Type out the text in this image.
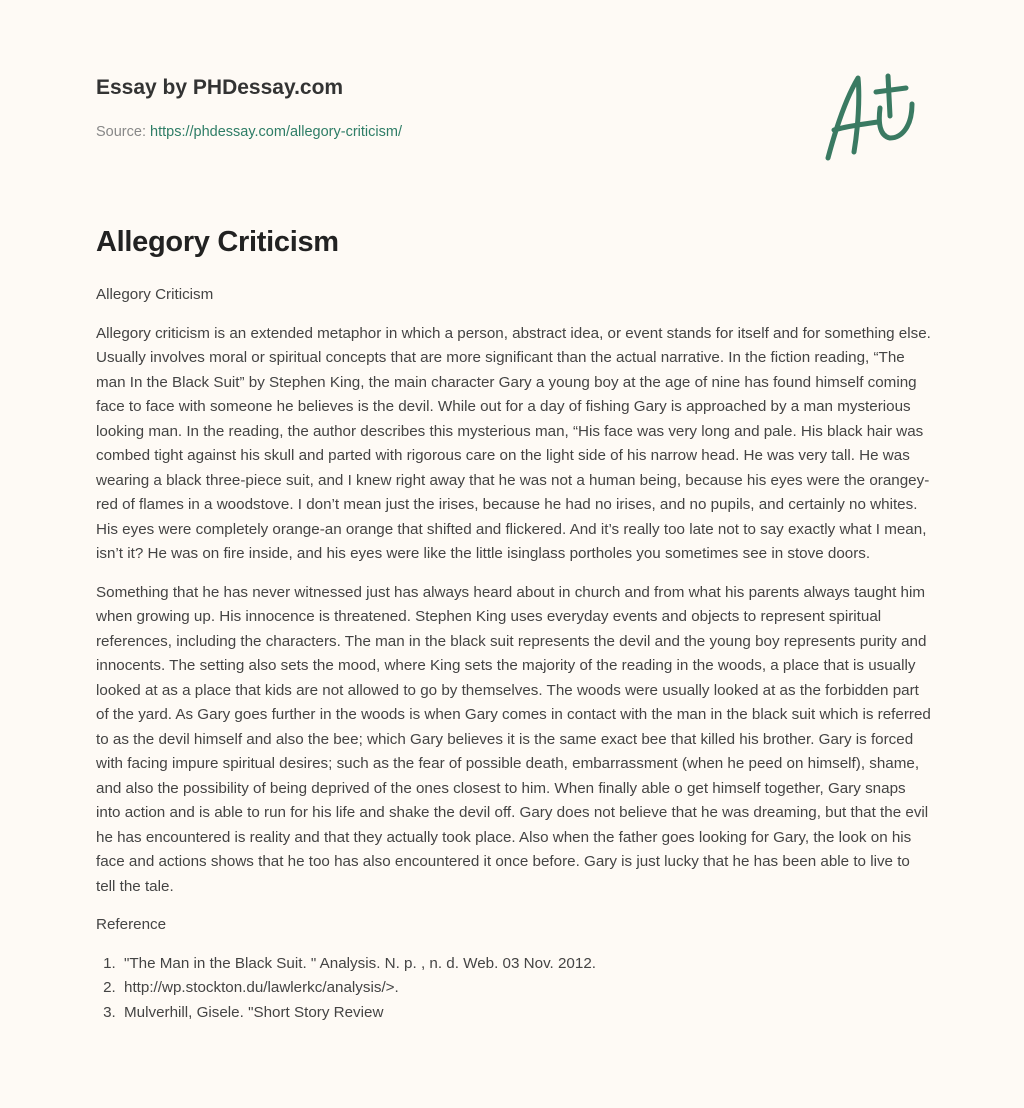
Essay by PHDessay.com
Source: https://phdessay.com/allegory-criticism/
Allegory Criticism

Allegory Criticism

Allegory criticism is an extended metaphor in which a person, abstract idea, or event stands for itself and for something else. Usually involves moral or spiritual concepts that are more significant than the actual narrative. In the fiction reading, “The man In the Black Suit” by Stephen King, the main character Gary a young boy at the age of nine has found himself coming face to face with someone he believes is the devil. While out for a day of fishing Gary is approached by a man mysterious looking man. In the reading, the author describes this mysterious man, “His face was very long and pale. His black hair was combed tight against his skull and parted with rigorous care on the light side of his narrow head. He was very tall. He was wearing a black three-piece suit, and I knew right away that he was not a human being, because his eyes were the orangey-red of flames in a woodstove. I don’t mean just the irises, because he had no irises, and no pupils, and certainly no whites. His eyes were completely orange-an orange that shifted and flickered. And it’s really too late not to say exactly what I mean, isn’t it? He was on fire inside, and his eyes were like the little isinglass portholes you sometimes see in stove doors.

Something that he has never witnessed just has always heard about in church and from what his parents always taught him when growing up. His innocence is threatened. Stephen King uses everyday events and objects to represent spiritual references, including the characters. The man in the black suit represents the devil and the young boy represents purity and innocents. The setting also sets the mood, where King sets the majority of the reading in the woods, a place that is usually looked at as a place that kids are not allowed to go by themselves. The woods were usually looked at as the forbidden part of the yard. As Gary goes further in the woods is when Gary comes in contact with the man in the black suit which is referred to as the devil himself and also the bee; which Gary believes it is the same exact bee that killed his brother. Gary is forced with facing impure spiritual desires; such as the fear of possible death, embarrassment (when he peed on himself), shame, and also the possibility of being deprived of the ones closest to him. When finally able o get himself together, Gary snaps into action and is able to run for his life and shake the devil off. Gary does not believe that he was dreaming, but that the evil he has encountered is reality and that they actually took place. Also when the father goes looking for Gary, the look on his face and actions shows that he too has also encountered it once before. Gary is just lucky that he has been able to live to tell the tale.

Reference

1. "The Man in the Black Suit. " Analysis. N. p. , n. d. Web. 03 Nov. 2012.
2. http://wp.stockton.du/lawlerkc/analysis/>.
3. Mulverhill, Gisele. "Short Story Review
